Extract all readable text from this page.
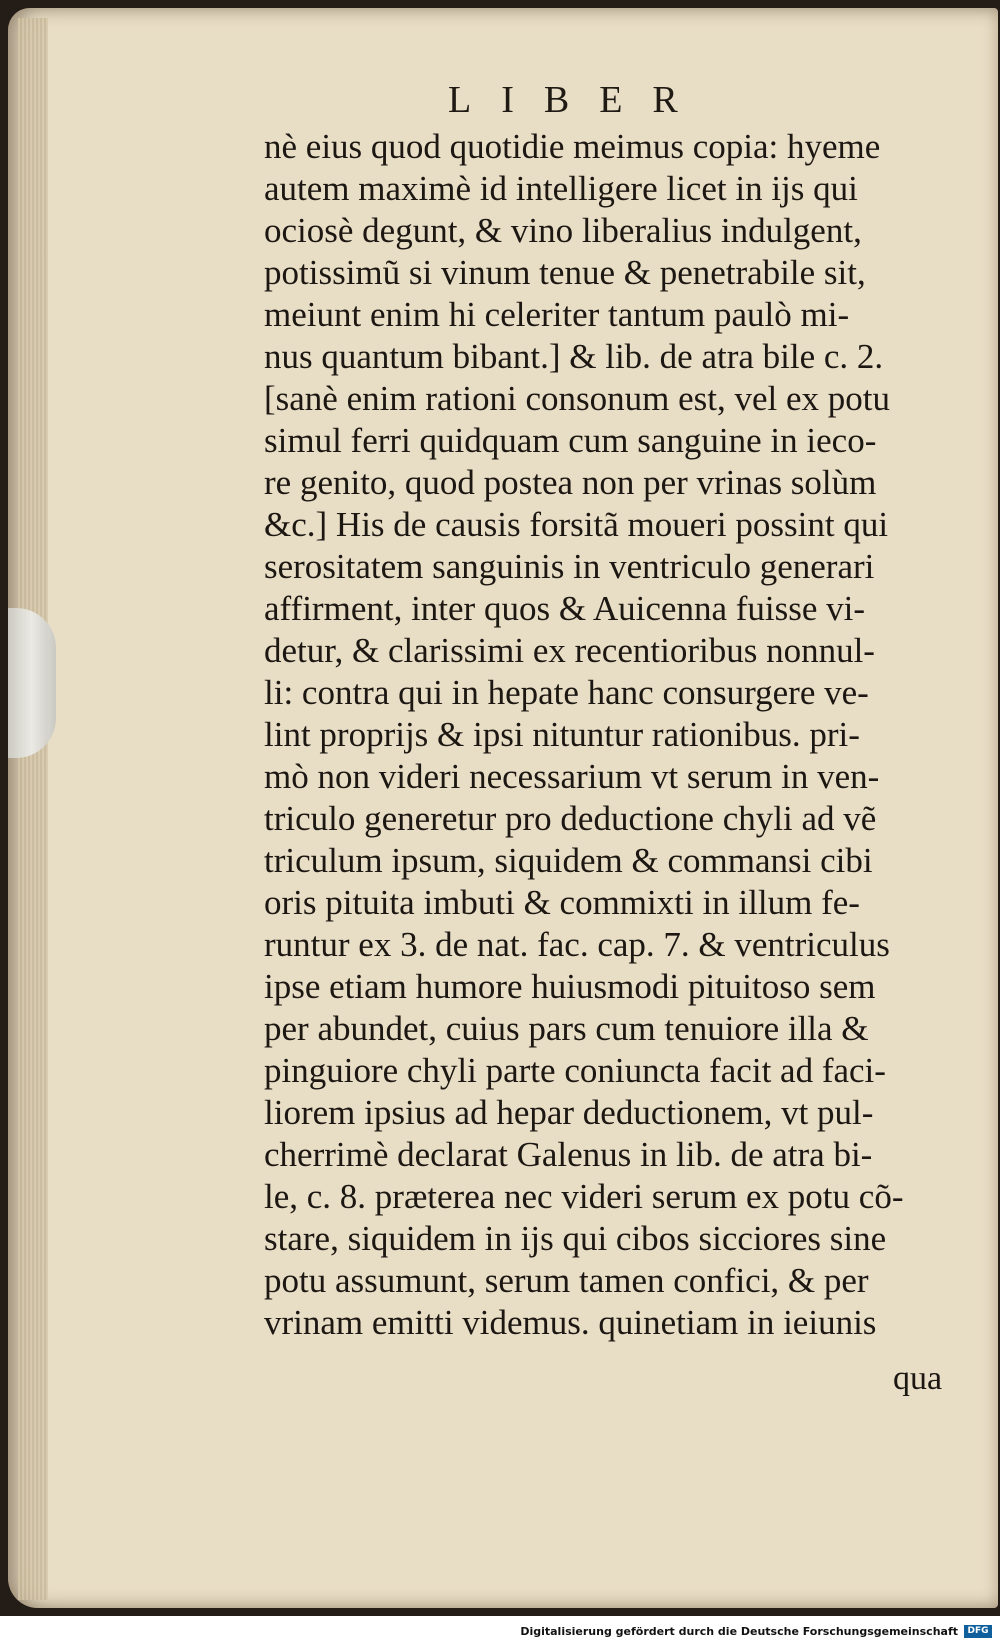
LIBER
nè eius quod quotidie meimus copia: hyeme
autem maximè id intelligere licet in ijs qui
ociosè degunt, & vino liberalius indulgent,
potissimũ si vinum tenue & penetrabile sit,
meiunt enim hi celeriter tantum paulò mi-
nus quantum bibant.] & lib. de atra bile c. 2.
[sanè enim rationi consonum est, vel ex potu
simul ferri quidquam cum sanguine in ieco-
re genito, quod postea non per vrinas solùm
&c.] His de causis forsitã moueri possint qui
serositatem sanguinis in ventriculo generari
affirment, inter quos & Auicenna fuisse vi-
detur, & clarissimi ex recentioribus nonnul-
li: contra qui in hepate hanc consurgere ve-
lint proprijs & ipsi nituntur rationibus. pri-
mò non videri necessarium vt serum in ven-
triculo generetur pro deductione chyli ad vẽ
triculum ipsum, siquidem & commansi cibi
oris pituita imbuti & commixti in illum fe-
runtur ex 3. de nat. fac. cap. 7. & ventriculus
ipse etiam humore huiusmodi pituitoso sem
per abundet, cuius pars cum tenuiore illa &
pinguiore chyli parte coniuncta facit ad faci-
liorem ipsius ad hepar deductionem, vt pul-
cherrimè declarat Galenus in lib. de atra bi-
le, c. 8. præterea nec videri serum ex potu cõ-
stare, siquidem in ijs qui cibos sicciores sine
potu assumunt, serum tamen confici, & per
vrinam emitti videmus. quinetiam in ieiunis
qua
Digitalisierung gefördert durch die Deutsche Forschungsgemeinschaft	DFG
